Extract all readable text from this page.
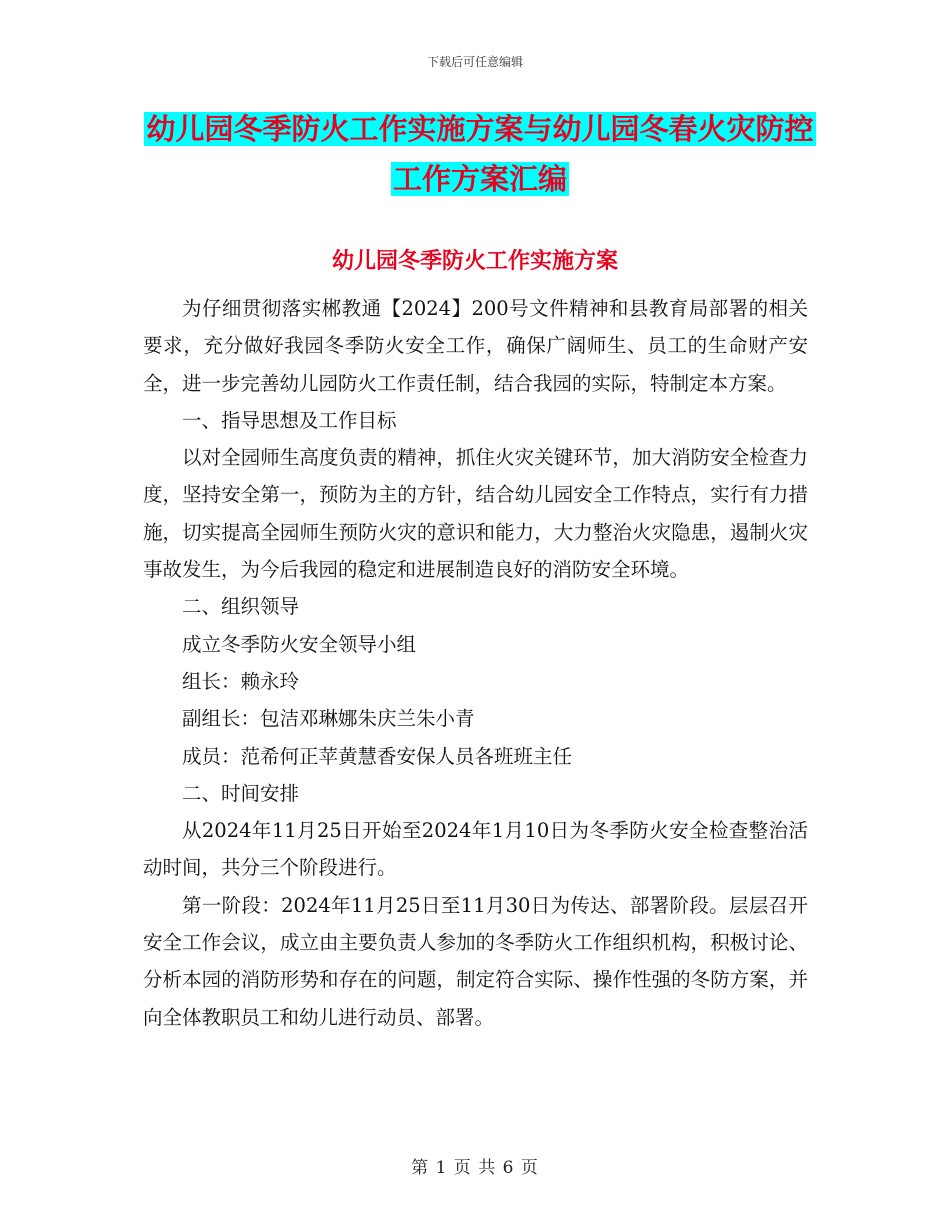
下载后可任意编辑
幼儿园冬季防火工作实施方案与幼儿园冬春火灾防控工作方案汇编
幼儿园冬季防火工作实施方案

为仔细贯彻落实郴教通【2024】200号文件精神和县教育局部署的相关要求，充分做好我园冬季防火安全工作，确保广阔师生、员工的生命财产安全，进一步完善幼儿园防火工作责任制，结合我园的实际，特制定本方案。

一、指导思想及工作目标

以对全园师生高度负责的精神，抓住火灾关键环节，加大消防安全检查力度，坚持安全第一，预防为主的方针，结合幼儿园安全工作特点，实行有力措施，切实提高全园师生预防火灾的意识和能力，大力整治火灾隐患，遏制火灾事故发生，为今后我园的稳定和进展制造良好的消防安全环境。

二、组织领导

成立冬季防火安全领导小组

组长：赖永玲

副组长：包洁邓琳娜朱庆兰朱小青

成员：范希何正苹黄慧香安保人员各班班主任

二、时间安排

从2024年11月25日开始至2024年1月10日为冬季防火安全检查整治活动时间，共分三个阶段进行。

第一阶段：2024年11月25日至11月30日为传达、部署阶段。层层召开安全工作会议，成立由主要负责人参加的冬季防火工作组织机构，积极讨论、分析本园的消防形势和存在的问题，制定符合实际、操作性强的冬防方案，并向全体教职员工和幼儿进行动员、部署。

第 1 页 共 6 页
